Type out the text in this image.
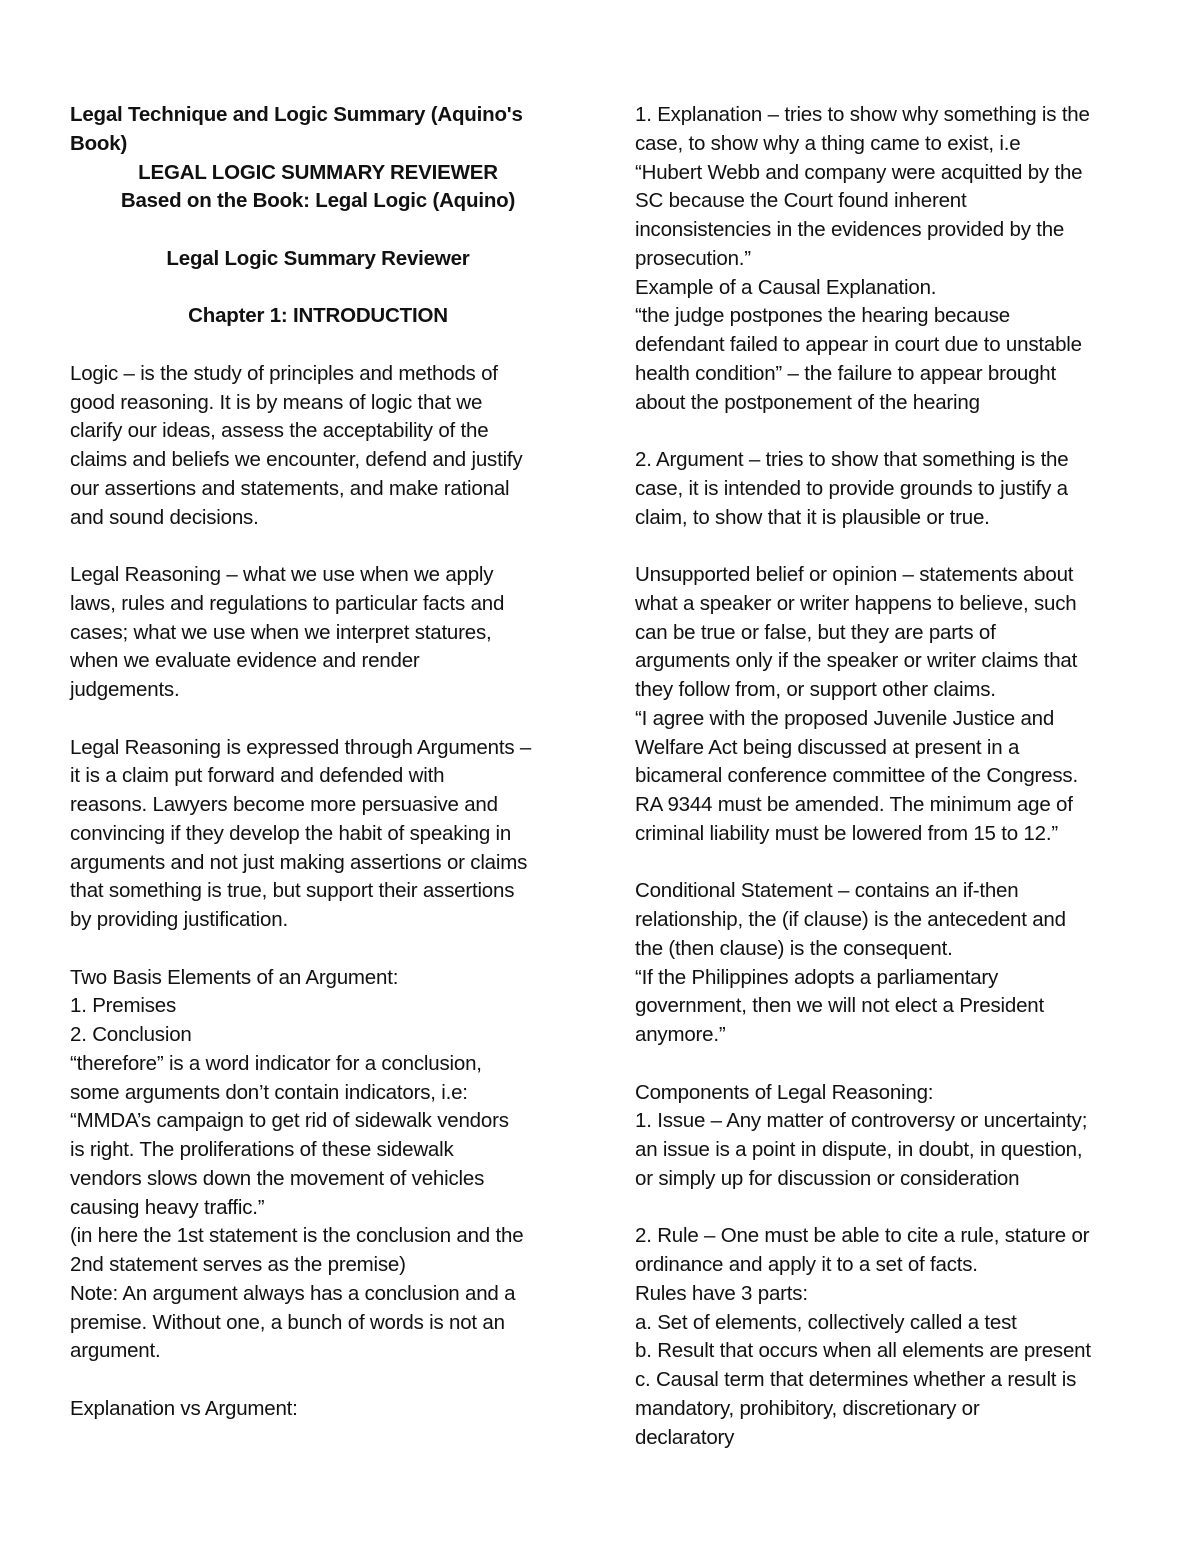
Legal Technique and Logic Summary (Aquino's
Book)
LEGAL LOGIC SUMMARY REVIEWER
Based on the Book: Legal Logic (Aquino)
Legal Logic Summary Reviewer
Chapter 1: INTRODUCTION
Logic – is the study of principles and methods of
good reasoning. It is by means of logic that we
clarify our ideas, assess the acceptability of the
claims and beliefs we encounter, defend and justify
our assertions and statements, and make rational
and sound decisions.
Legal Reasoning – what we use when we apply
laws, rules and regulations to particular facts and
cases; what we use when we interpret statures,
when we evaluate evidence and render
judgements.
Legal Reasoning is expressed through Arguments –
it is a claim put forward and defended with
reasons. Lawyers become more persuasive and
convincing if they develop the habit of speaking in
arguments and not just making assertions or claims
that something is true, but support their assertions
by providing justification.
Two Basis Elements of an Argument:
1. Premises
2. Conclusion
“therefore” is a word indicator for a conclusion,
some arguments don’t contain indicators, i.e:
“MMDA’s campaign to get rid of sidewalk vendors
is right. The proliferations of these sidewalk
vendors slows down the movement of vehicles
causing heavy traffic.”
(in here the 1st statement is the conclusion and the
2nd statement serves as the premise)
Note: An argument always has a conclusion and a
premise. Without one, a bunch of words is not an
argument.
Explanation vs Argument:
1. Explanation – tries to show why something is the
case, to show why a thing came to exist, i.e
“Hubert Webb and company were acquitted by the
SC because the Court found inherent
inconsistencies in the evidences provided by the
prosecution.”
Example of a Causal Explanation.
“the judge postpones the hearing because
defendant failed to appear in court due to unstable
health condition” – the failure to appear brought
about the postponement of the hearing
2. Argument – tries to show that something is the
case, it is intended to provide grounds to justify a
claim, to show that it is plausible or true.
Unsupported belief or opinion – statements about
what a speaker or writer happens to believe, such
can be true or false, but they are parts of
arguments only if the speaker or writer claims that
they follow from, or support other claims.
“I agree with the proposed Juvenile Justice and
Welfare Act being discussed at present in a
bicameral conference committee of the Congress.
RA 9344 must be amended. The minimum age of
criminal liability must be lowered from 15 to 12.”
Conditional Statement – contains an if-then
relationship, the (if clause) is the antecedent and
the (then clause) is the consequent.
“If the Philippines adopts a parliamentary
government, then we will not elect a President
anymore.”
Components of Legal Reasoning:
1. Issue – Any matter of controversy or uncertainty;
an issue is a point in dispute, in doubt, in question,
or simply up for discussion or consideration
2. Rule – One must be able to cite a rule, stature or
ordinance and apply it to a set of facts.
Rules have 3 parts:
a. Set of elements, collectively called a test
b. Result that occurs when all elements are present
c. Causal term that determines whether a result is
mandatory, prohibitory, discretionary or
declaratory
